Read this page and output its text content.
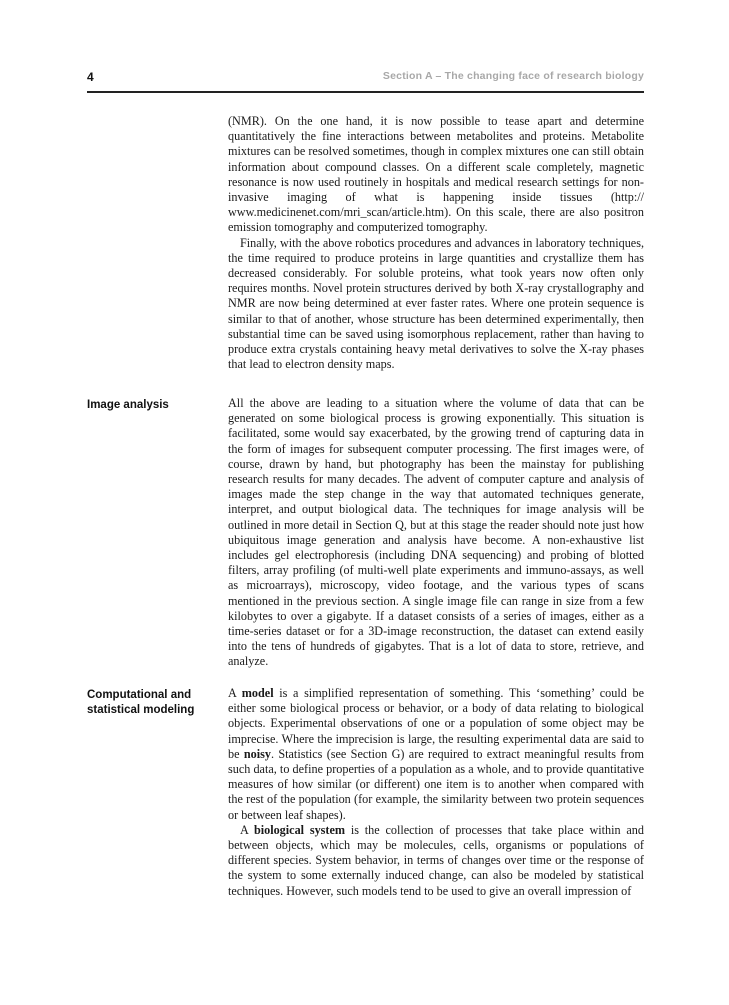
4	Section A – The changing face of research biology

(NMR). On the one hand, it is now possible to tease apart and determine quantitatively the fine interactions between metabolites and proteins. Metabolite mixtures can be resolved sometimes, though in complex mixtures one can still obtain information about compound classes. On a different scale completely, magnetic resonance is now used routinely in hospitals and medical research settings for non-invasive imaging of what is happening inside tissues (http:// www.medicinenet.com/mri_scan/article.htm). On this scale, there are also positron emission tomography and computerized tomography.

Finally, with the above robotics procedures and advances in laboratory techniques, the time required to produce proteins in large quantities and crystallize them has decreased considerably. For soluble proteins, what took years now often only requires months. Novel protein structures derived by both X-ray crystallography and NMR are now being determined at ever faster rates. Where one protein sequence is similar to that of another, whose structure has been determined experimentally, then substantial time can be saved using isomorphous replacement, rather than having to produce extra crystals containing heavy metal derivatives to solve the X-ray phases that lead to electron density maps.

Image analysis	All the above are leading to a situation where the volume of data that can be generated on some biological process is growing exponentially. This situation is facilitated, some would say exacerbated, by the growing trend of capturing data in the form of images for subsequent computer processing. The first images were, of course, drawn by hand, but photography has been the mainstay for publishing research results for many decades. The advent of computer capture and analysis of images made the step change in the way that automated techniques generate, interpret, and output biological data. The techniques for image analysis will be outlined in more detail in Section Q, but at this stage the reader should note just how ubiquitous image generation and analysis have become. A non-exhaustive list includes gel electrophoresis (including DNA sequencing) and probing of blotted filters, array profiling (of multi-well plate experiments and immuno-assays, as well as microarrays), microscopy, video footage, and the various types of scans mentioned in the previous section. A single image file can range in size from a few kilobytes to over a gigabyte. If a dataset consists of a series of images, either as a time-series dataset or for a 3D-image reconstruction, the dataset can extend easily into the tens of hundreds of gigabytes. That is a lot of data to store, retrieve, and analyze.

Computational and statistical modeling

A model is a simplified representation of something. This ‘something’ could be either some biological process or behavior, or a body of data relating to biological objects. Experimental observations of one or a population of some object may be imprecise. Where the imprecision is large, the resulting experimental data are said to be noisy. Statistics (see Section G) are required to extract meaningful results from such data, to define properties of a population as a whole, and to provide quantitative measures of how similar (or different) one item is to another when compared with the rest of the population (for example, the similarity between two protein sequences or between leaf shapes).

A biological system is the collection of processes that take place within and between objects, which may be molecules, cells, organisms or populations of different species. System behavior, in terms of changes over time or the response of the system to some externally induced change, can also be modeled by statistical techniques. However, such models tend to be used to give an overall impression of
